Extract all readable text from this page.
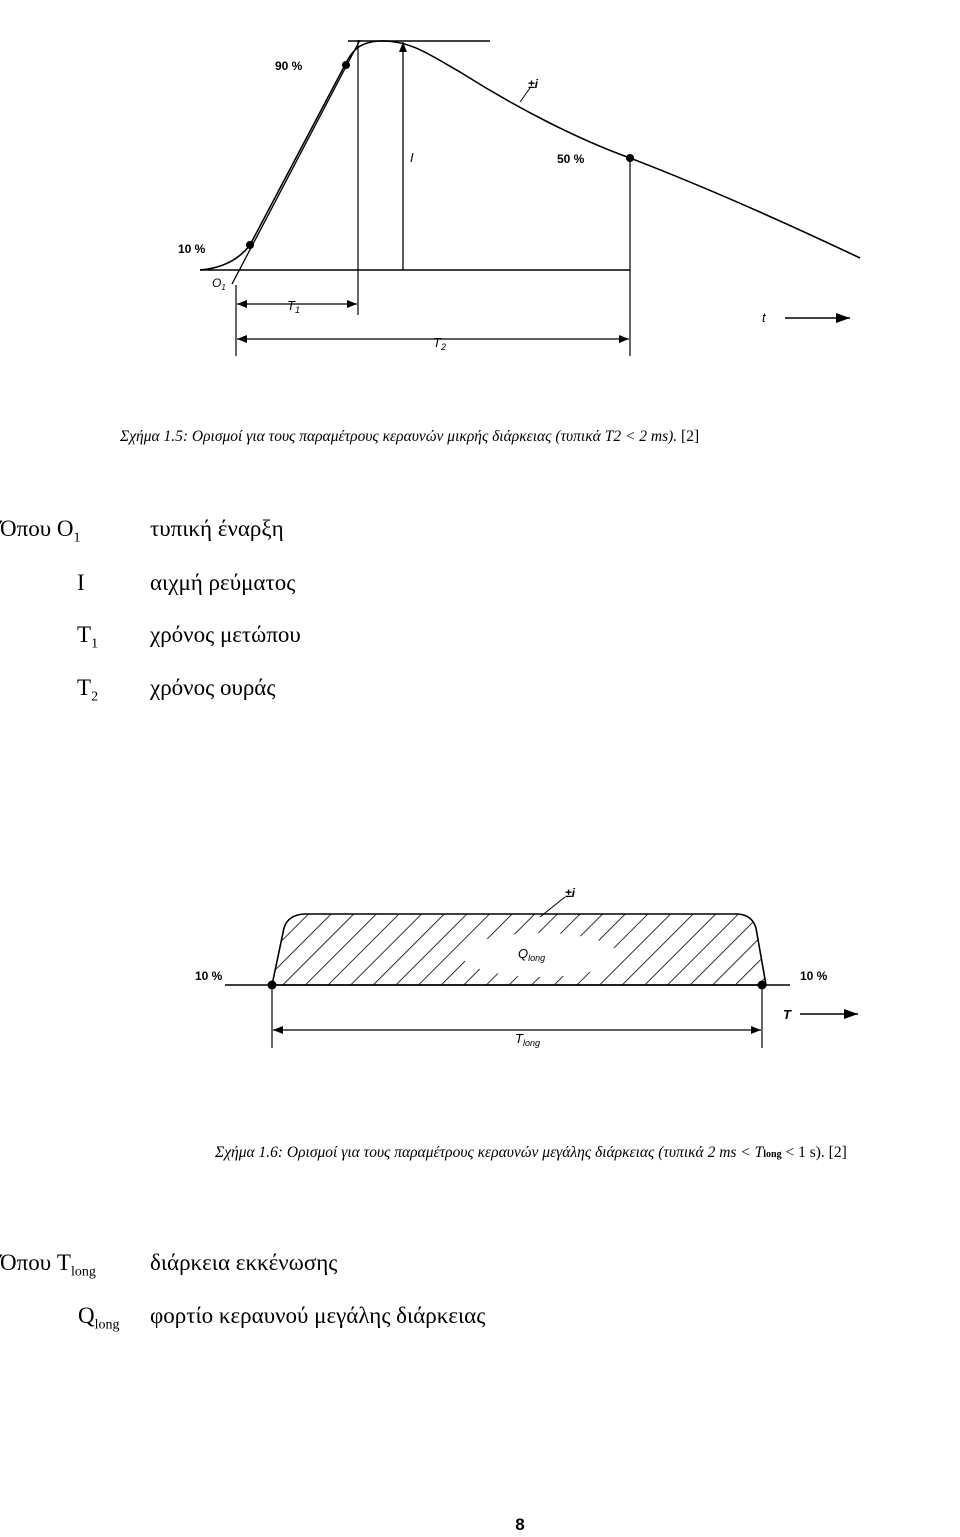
90 %
±i
I	50 %
10 %
$O_1$
$T_1$
$T_2$
t
Σχήμα 1.5: Ορισμοί για τους παραμέτρους κεραυνών μικρής διάρκειας (τυπικά T2 < 2 ms). [2]
Όπου $O_1$	τυπική έναρξη
I	αιχμή ρεύματος
$T_1$ χρόνος μετώπου
$T_2$ χρόνος ουράς
±i
$Q_{long}$
10 %	10 %
T
$T_{long}$
Σχήμα 1.6: Ορισμοί για τους παραμέτρους κεραυνών μεγάλης διάρκειας (τυπικά 2 ms < Tlong < 1 s). [2]
Όπου $T_{long}$ διάρκεια εκκένωσης
$Q_{long}$ φορτίο κεραυνού μεγάλης διάρκειας
8
